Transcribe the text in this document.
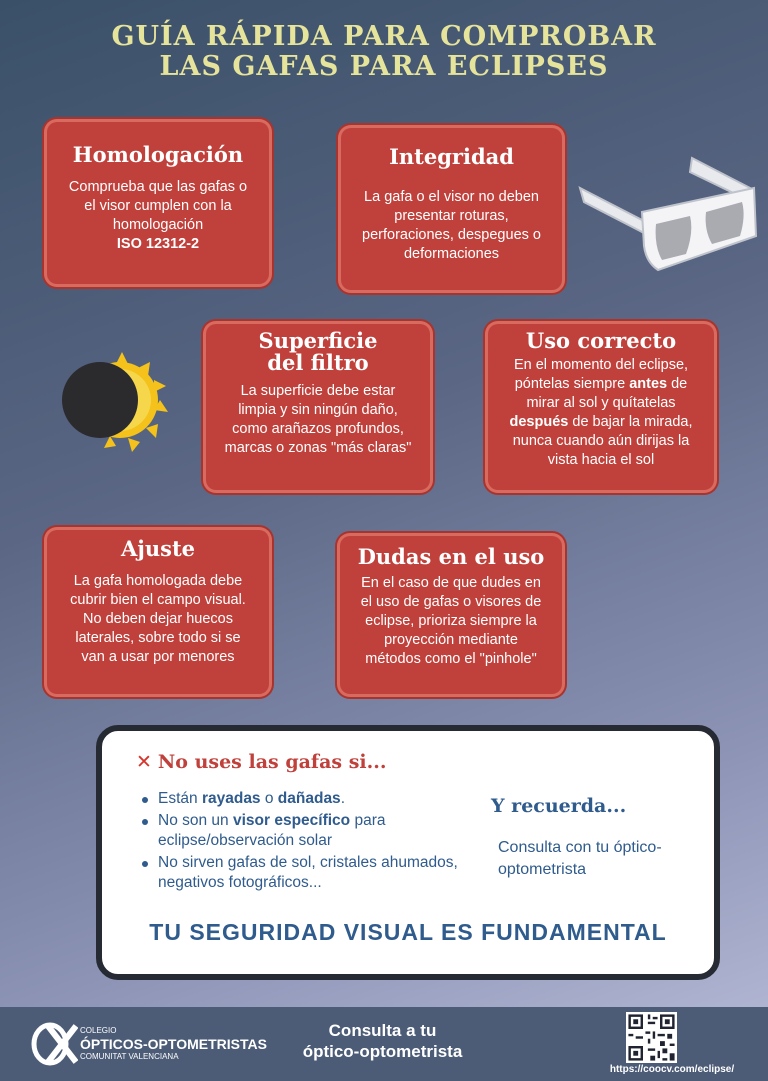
GUÍA RÁPIDA PARA COMPROBAR
LAS GAFAS PARA ECLIPSES
Homologación

Comprueba que las gafas o el visor cumplen con la homologación
ISO 12312-2

Integridad

La gafa o el visor no deben presentar roturas, perforaciones, despegues o deformaciones

Superficie
del filtro

La superficie debe estar limpia y sin ningún daño, como arañazos profundos, marcas o zonas "más claras"

Uso correcto

En el momento del eclipse, póntelas siempre antes de mirar al sol y quítatelas después de bajar la mirada, nunca cuando aún dirijas la vista hacia el sol

Ajuste

La gafa homologada debe cubrir bien el campo visual. No deben dejar huecos laterales, sobre todo si se van a usar por menores

Dudas en el uso

En el caso de que dudes en el uso de gafas o visores de eclipse, prioriza siempre la proyección mediante métodos como el "pinhole"

✕ No uses las gafas si...
Están rayadas o dañadas.
No son un visor específico para eclipse/observación solar
No sirven gafas de sol, cristales ahumados, negativos fotográficos...
Y recuerda...
Consulta con tu óptico-optometrista
TU SEGURIDAD VISUAL ES FUNDAMENTAL
COLEGIO
ÓPTICOS-OPTOMETRISTAS
COMUNITAT VALENCIANA
Consulta a tu
óptico-optometrista
https://coocv.com/eclipse/
